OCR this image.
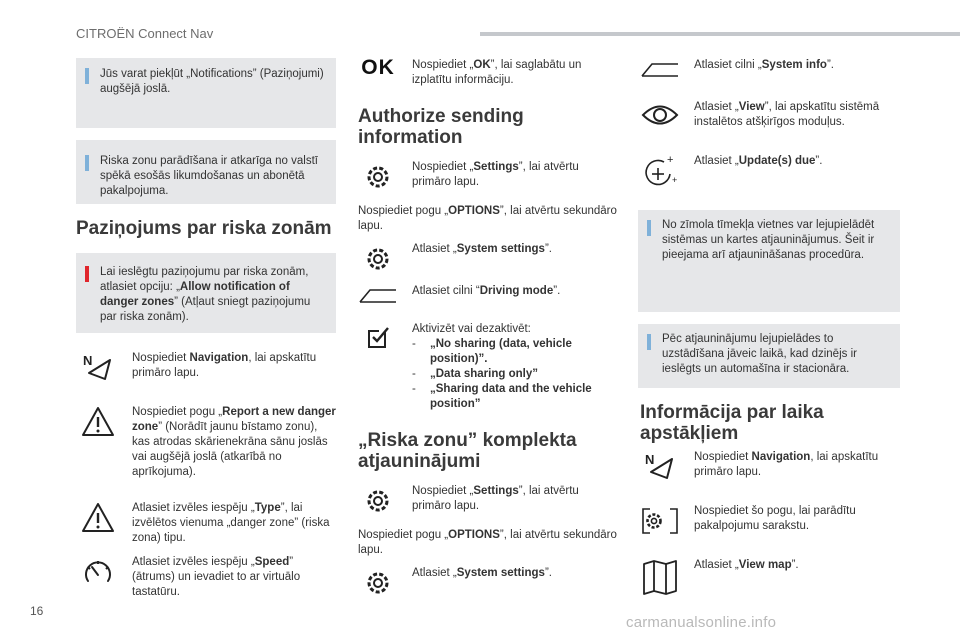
CITROËN Connect Nav
Jūs varat piekļūt „Notifications” (Paziņojumi) augšējā joslā.
Riska zonu parādīšana ir atkarīga no valstī spēkā esošās likumdošanas un abonētā pakalpojuma.
Paziņojums par riska zonām
Lai ieslēgtu paziņojumu par riska zonām, atlasiet opciju: „Allow notification of danger zones” (Atļaut sniegt paziņojumu par riska zonām).
N	Nospiediet Navigation, lai apskatītu primāro lapu.
Nospiediet pogu „Report a new danger zone” (Norādīt jaunu bīstamo zonu), kas atrodas skārienekrāna sānu joslās vai augšējā joslā (atkarībā no aprīkojuma).
Atlasiet izvēles iespēju „Type”, lai izvēlētos vienuma „danger zone” (riska zona) tipu.
Atlasiet izvēles iespēju „Speed” (ātrums) un ievadiet to ar virtuālo tastatūru.
OK Nospiediet „OK”, lai saglabātu un izplatītu informāciju.
Authorize sending information
Nospiediet „Settings”, lai atvērtu primāro lapu.
Nospiediet pogu „OPTIONS”, lai atvērtu sekundāro lapu.
Atlasiet „System settings”.
Atlasiet cilni “Driving mode”.
Aktivizēt vai dezaktivēt:
-	„No sharing (data, vehicle position)”.
-	„Data sharing only”
-	„Sharing data and the vehicle position”
„Riska zonu” komplekta atjauninājumi
Nospiediet „Settings”, lai atvērtu primāro lapu.
Nospiediet pogu „OPTIONS”, lai atvērtu sekundāro lapu.
Atlasiet „System settings”.
Atlasiet cilni „System info”.
Atlasiet „View”, lai apskatītu sistēmā instalētos atšķirīgos moduļus.
+
+
Atlasiet „Update(s) due”.
No zīmola tīmekļa vietnes var lejupielādēt sistēmas un kartes atjauninājumus. Šeit ir pieejama arī atjaunināšanas procedūra.
Pēc atjauninājumu lejupielādes to uzstādīšana jāveic laikā, kad dzinējs ir ieslēgts un automašīna ir stacionāra.
Informācija par laika apstākļiem
N	Nospiediet Navigation, lai apskatītu primāro lapu.
Nospiediet šo pogu, lai parādītu pakalpojumu sarakstu.
Atlasiet „View map”.
16
carmanualsonline.info
